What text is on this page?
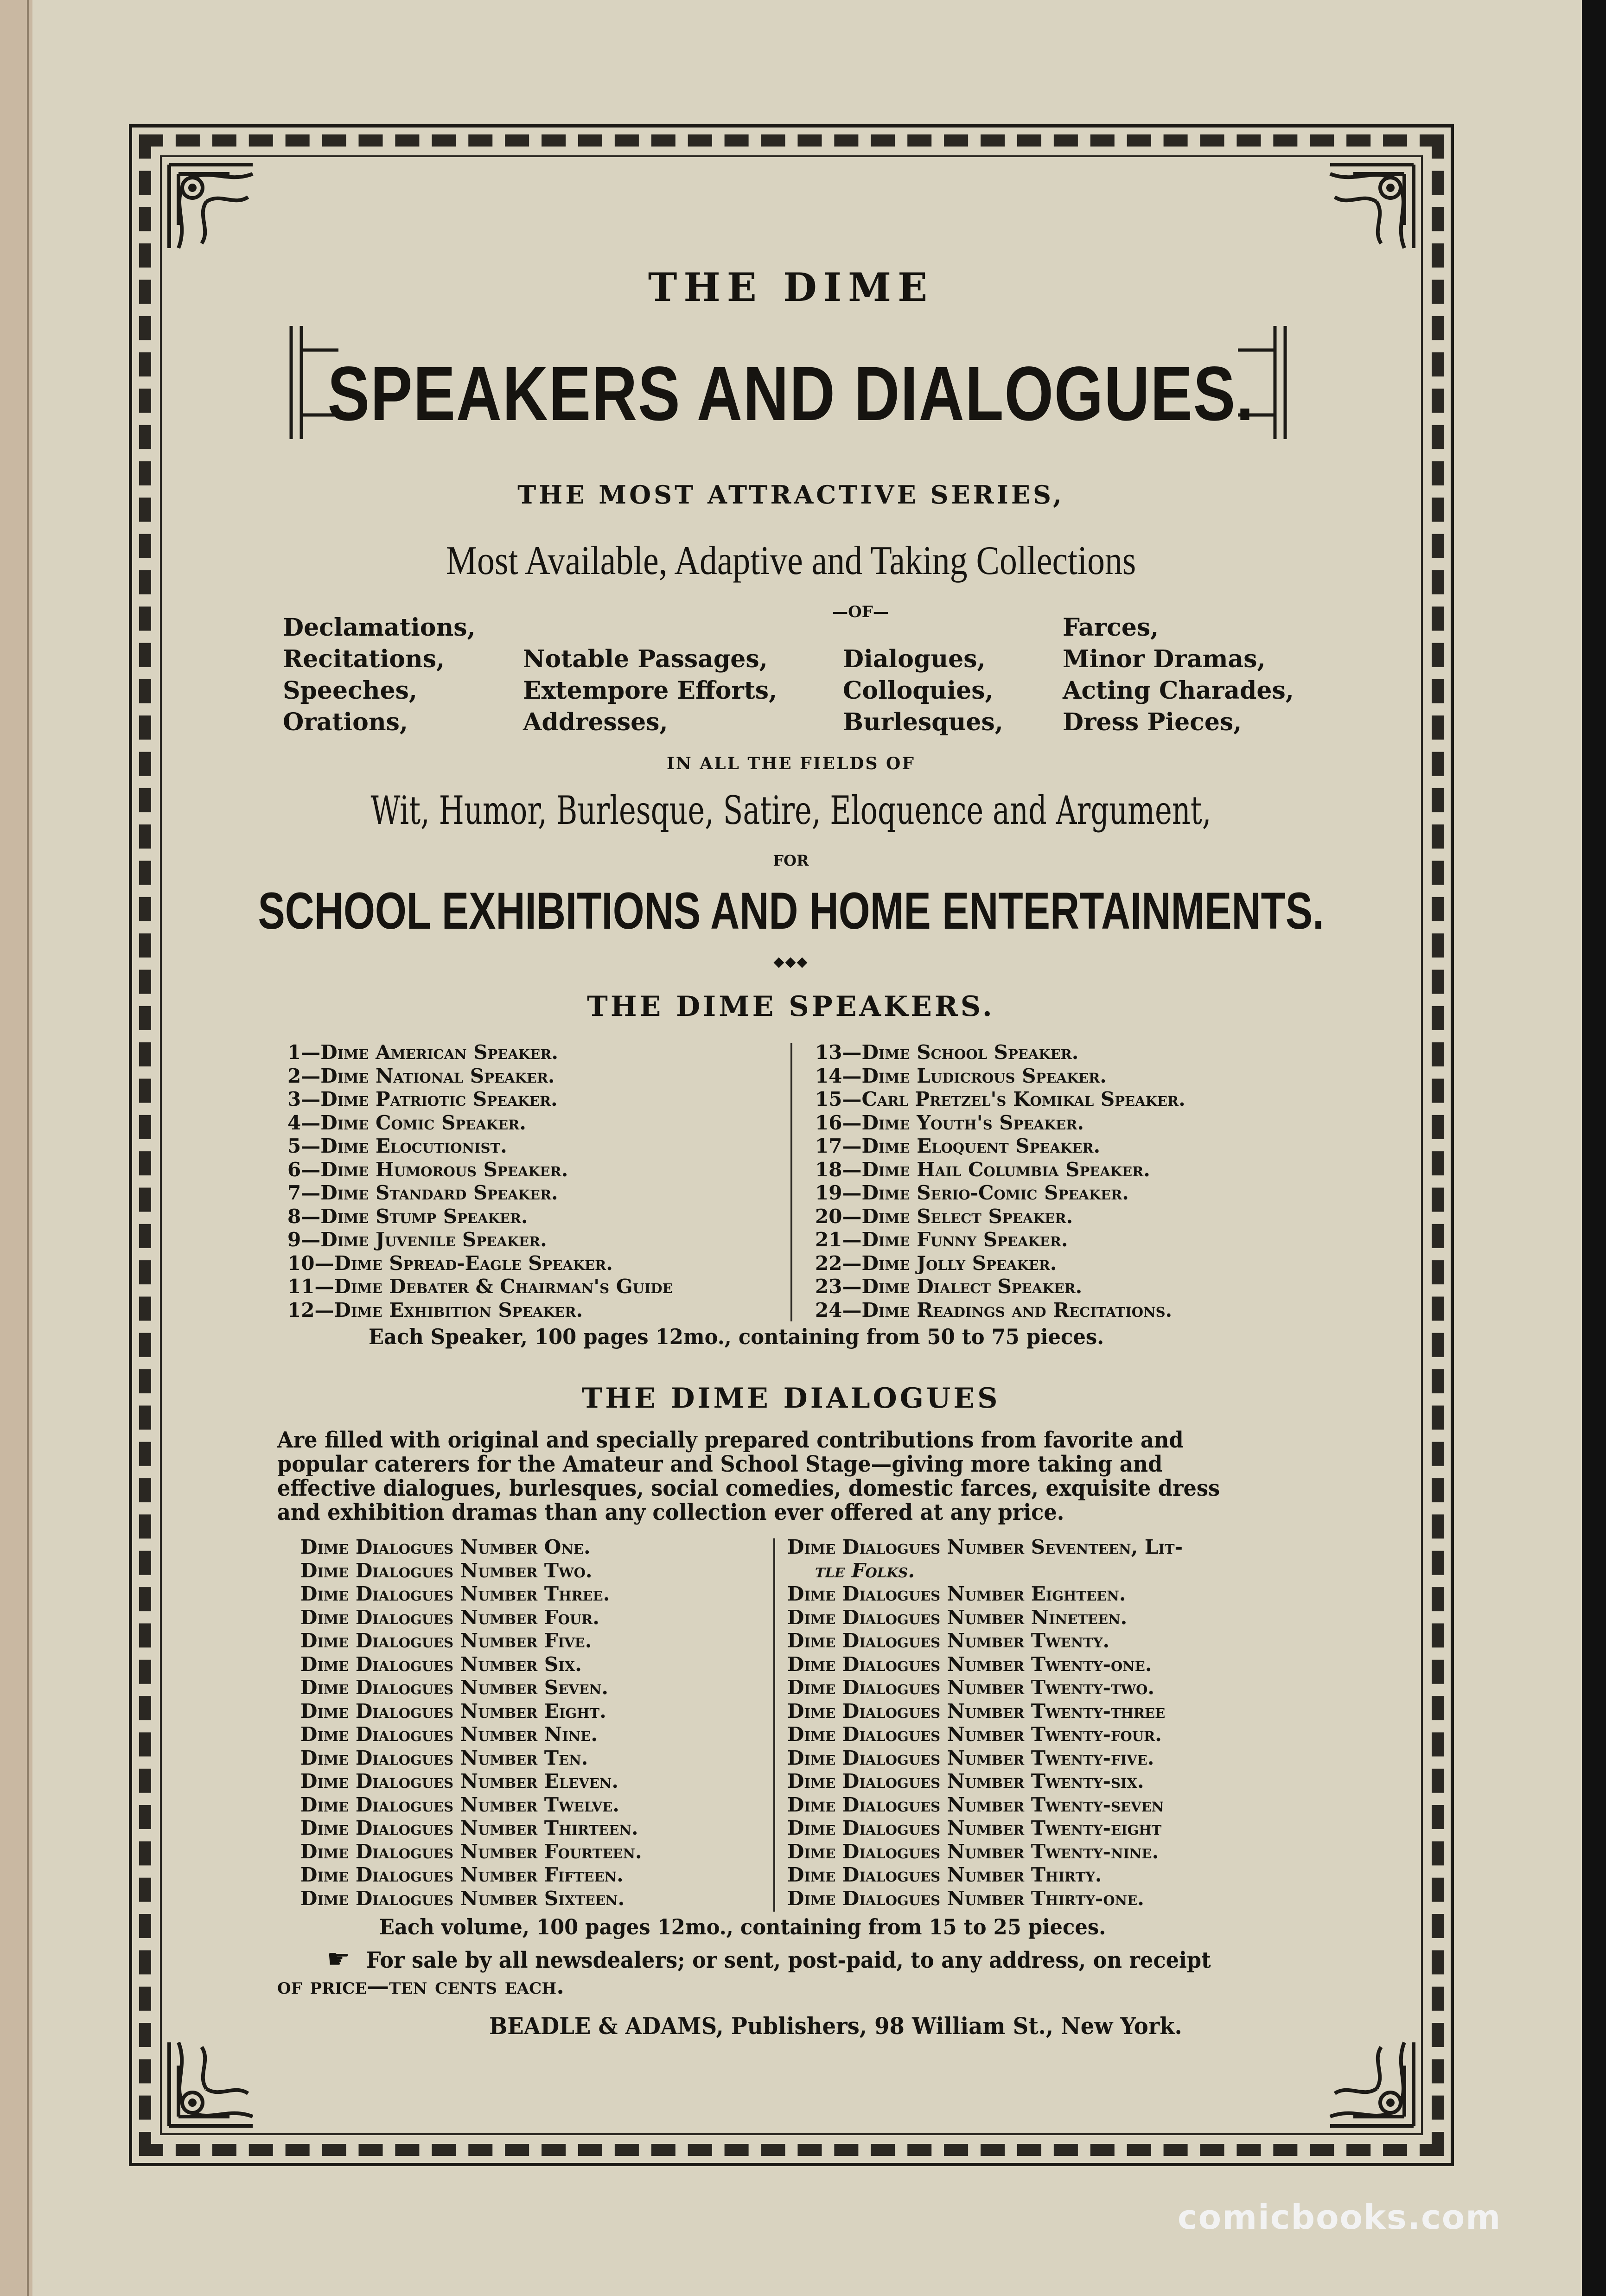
THE DIME
SPEAKERS AND DIALOGUES.
THE MOST ATTRACTIVE SERIES,
Most Available, Adaptive and Taking Collections
—OF—
Declamations,
Recitations,
Speeches,
Orations,
Notable Passages,
Extempore Efforts,
Addresses,
Dialogues,
Colloquies,
Burlesques,
Farces,
Minor Dramas,
Acting Charades,
Dress Pieces,
IN ALL THE FIELDS OF
Wit, Humor, Burlesque, Satire, Eloquence and Argument,
FOR
SCHOOL EXHIBITIONS AND HOME ENTERTAINMENTS.
◆◆◆
THE DIME SPEAKERS.
1—Dime American Speaker.
2—Dime National Speaker.
3—Dime Patriotic Speaker.
4—Dime Comic Speaker.
5—Dime Elocutionist.
6—Dime Humorous Speaker.
7—Dime Standard Speaker.
8—Dime Stump Speaker.
9—Dime Juvenile Speaker.
10—Dime Spread-Eagle Speaker.
11—Dime Debater & Chairman's Guide
12—Dime Exhibition Speaker.
13—Dime School Speaker.
14—Dime Ludicrous Speaker.
15—Carl Pretzel's Komikal Speaker.
16—Dime Youth's Speaker.
17—Dime Eloquent Speaker.
18—Dime Hail Columbia Speaker.
19—Dime Serio-Comic Speaker.
20—Dime Select Speaker.
21—Dime Funny Speaker.
22—Dime Jolly Speaker.
23—Dime Dialect Speaker.
24—Dime Readings and Recitations.
Each Speaker, 100 pages 12mo., containing from 50 to 75 pieces.
THE DIME DIALOGUES
Are filled with original and specially prepared contributions from favorite and
popular caterers for the Amateur and School Stage—giving more taking and
effective dialogues, burlesques, social comedies, domestic farces, exquisite dress
and exhibition dramas than any collection ever offered at any price.
Dime Dialogues Number One.
Dime Dialogues Number Two.
Dime Dialogues Number Three.
Dime Dialogues Number Four.
Dime Dialogues Number Five.
Dime Dialogues Number Six.
Dime Dialogues Number Seven.
Dime Dialogues Number Eight.
Dime Dialogues Number Nine.
Dime Dialogues Number Ten.
Dime Dialogues Number Eleven.
Dime Dialogues Number Twelve.
Dime Dialogues Number Thirteen.
Dime Dialogues Number Fourteen.
Dime Dialogues Number Fifteen.
Dime Dialogues Number Sixteen.
Dime Dialogues Number Seventeen, Lit-
tle Folks.
Dime Dialogues Number Eighteen.
Dime Dialogues Number Nineteen.
Dime Dialogues Number Twenty.
Dime Dialogues Number Twenty-one.
Dime Dialogues Number Twenty-two.
Dime Dialogues Number Twenty-three
Dime Dialogues Number Twenty-four.
Dime Dialogues Number Twenty-five.
Dime Dialogues Number Twenty-six.
Dime Dialogues Number Twenty-seven
Dime Dialogues Number Twenty-eight
Dime Dialogues Number Twenty-nine.
Dime Dialogues Number Thirty.
Dime Dialogues Number Thirty-one.
Each volume, 100 pages 12mo., containing from 15 to 25 pieces.
☛ For sale by all newsdealers; or sent, post-paid, to any address, on receipt
of price—ten cents each.
BEADLE & ADAMS, Publishers, 98 William St., New York.
comicbooks.com
